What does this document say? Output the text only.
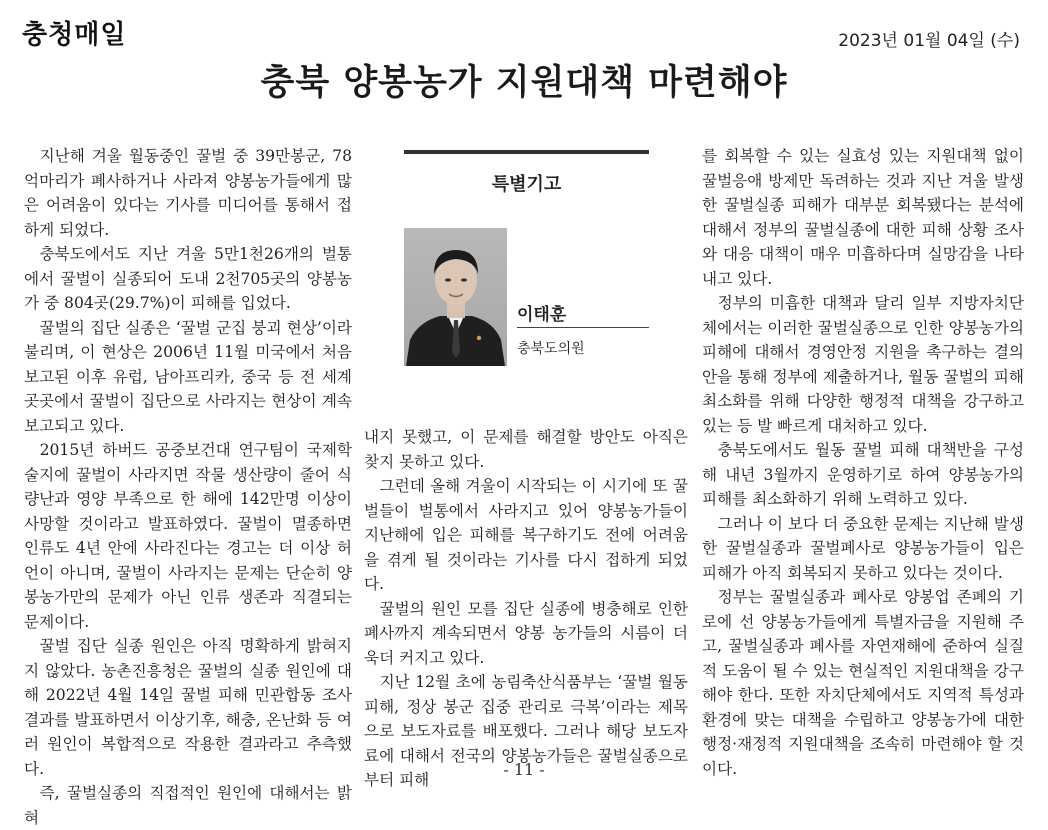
충청매일	2023년 01월 04일 (수)
충북 양봉농가 지원대책 마련해야

지난해 겨울 월동중인 꿀벌 중 39만봉군, 78억마리가 폐사하거나 사라져 양봉농가들에게 많은 어려움이 있다는 기사를 미디어를 통해서 접하게 되었다.

충북도에서도 지난 겨울 5만1천26개의 벌통에서 꿀벌이 실종되어 도내 2천705곳의 양봉농가 중 804곳(29.7%)이 피해를 입었다.

꿀벌의 집단 실종은 ‘꿀벌 군집 붕괴 현상’이라 불리며, 이 현상은 2006년 11월 미국에서 처음 보고된 이후 유럽, 남아프리카, 중국 등 전 세계 곳곳에서 꿀벌이 집단으로 사라지는 현상이 계속 보고되고 있다.

2015년 하버드 공중보건대 연구팀이 국제학술지에 꿀벌이 사라지면 작물 생산량이 줄어 식량난과 영양 부족으로 한 해에 142만명 이상이 사망할 것이라고 발표하였다. 꿀벌이 멸종하면 인류도 4년 안에 사라진다는 경고는 더 이상 허언이 아니며, 꿀벌이 사라지는 문제는 단순히 양봉농가만의 문제가 아닌 인류 생존과 직결되는 문제이다.

꿀벌 집단 실종 원인은 아직 명확하게 밝혀지지 않았다. 농촌진흥청은 꿀벌의 실종 원인에 대해 2022년 4월 14일 꿀벌 피해 민관합동 조사 결과를 발표하면서 이상기후, 해충, 온난화 등 여러 원인이 복합적으로 작용한 결과라고 추측했다.

즉, 꿀벌실종의 직접적인 원인에 대해서는 밝혀

특별기고
이태훈
충북도의원

내지 못했고, 이 문제를 해결할 방안도 아직은 찾지 못하고 있다.

그런데 올해 겨울이 시작되는 이 시기에 또 꿀벌들이 벌통에서 사라지고 있어 양봉농가들이 지난해에 입은 피해를 복구하기도 전에 어려움을 겪게 될 것이라는 기사를 다시 접하게 되었다.

꿀벌의 원인 모를 집단 실종에 병충해로 인한 폐사까지 계속되면서 양봉 농가들의 시름이 더욱더 커지고 있다.

지난 12월 초에 농림축산식품부는 ‘꿀벌 월동피해, 정상 봉군 집중 관리로 극복’이라는 제목으로 보도자료를 배포했다. 그러나 해당 보도자료에 대해서 전국의 양봉농가들은 꿀벌실종으로부터 피해

를 회복할 수 있는 실효성 있는 지원대책 없이 꿀벌응애 방제만 독려하는 것과 지난 겨울 발생한 꿀벌실종 피해가 대부분 회복됐다는 분석에 대해서 정부의 꿀벌실종에 대한 피해 상황 조사와 대응 대책이 매우 미흡하다며 실망감을 나타내고 있다.

정부의 미흡한 대책과 달리 일부 지방자치단체에서는 이러한 꿀벌실종으로 인한 양봉농가의 피해에 대해서 경영안정 지원을 촉구하는 결의안을 통해 정부에 제출하거나, 월동 꿀벌의 피해 최소화를 위해 다양한 행정적 대책을 강구하고 있는 등 발 빠르게 대처하고 있다.

충북도에서도 월동 꿀벌 피해 대책반을 구성해 내년 3월까지 운영하기로 하여 양봉농가의 피해를 최소화하기 위해 노력하고 있다.

그러나 이 보다 더 중요한 문제는 지난해 발생한 꿀벌실종과 꿀벌폐사로 양봉농가들이 입은 피해가 아직 회복되지 못하고 있다는 것이다.

정부는 꿀벌실종과 폐사로 양봉업 존폐의 기로에 선 양봉농가들에게 특별자금을 지원해 주고, 꿀벌실종과 폐사를 자연재해에 준하여 실질적 도움이 될 수 있는 현실적인 지원대책을 강구 해야 한다. 또한 자치단체에서도 지역적 특성과 환경에 맞는 대책을 수립하고 양봉농가에 대한 행정·재정적 지원대책을 조속히 마련해야 할 것이다.

- 11 -
